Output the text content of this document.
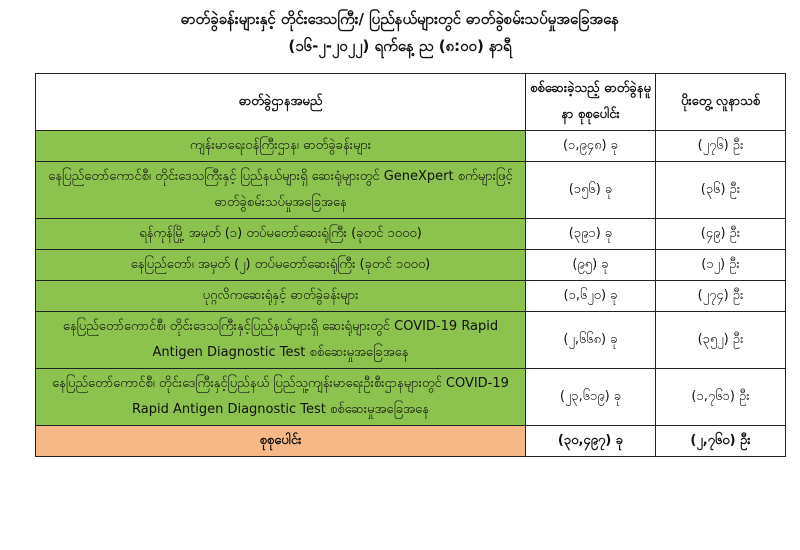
ဓာတ်ခွဲခန်းများနှင့် တိုင်းဒေသကြီး/ ပြည်နယ်များတွင် ဓာတ်ခွဲစမ်းသပ်မှုအခြေအနေ
(၁၆-၂-၂၀၂၂) ရက်နေ့ ည (၈:၀၀) နာရီ
ဓာတ်ခွဲဌာနအမည်	စစ်ဆေးခဲ့သည့် ဓာတ်ခွဲနမူနာ စုစုပေါင်း	ပိုးတွေ့ လူနာသစ်
ကျန်းမာရေးဝန်ကြီးဌာန၊ ဓာတ်ခွဲခန်းများ	(၁,၉၄၈) ခု	(၂၇၆) ဦး
နေပြည်တော်ကောင်စီ၊ တိုင်းဒေသကြီးနှင့် ပြည်နယ်များရှိ ဆေးရုံများတွင် GeneXpert စက်များဖြင့် ဓာတ်ခွဲစမ်းသပ်မှုအခြေအနေ	(၁၅၆) ခု	(၃၆) ဦး
ရန်ကုန်မြို့ အမှတ် (၁) တပ်မတော်ဆေးရုံကြီး (ခုတင် ၁၀၀၀)	(၃၉၁) ခု	(၄၉) ဦး
နေပြည်တော်၊ အမှတ် (၂) တပ်မတော်ဆေးရုံကြီး (ခုတင် ၁၀၀၀)	(၉၅) ခု	(၁၂) ဦး
ပုဂ္ဂလိကဆေးရုံနှင့် ဓာတ်ခွဲခန်းများ	(၁,၆၂၀) ခု	(၂၇၄) ဦး
နေပြည်တော်ကောင်စီ၊ တိုင်းဒေသကြီးနှင့်ပြည်နယ်များရှိ ဆေးရုံများတွင် COVID-19 Rapid Antigen Diagnostic Test စစ်ဆေးမှုအခြေအနေ	(၂,၆၆၈) ခု	(၃၅၂) ဦး
နေပြည်တော်ကောင်စီ၊ တိုင်းဒေကြီးနှင့်ပြည်နယ် ပြည်သူ့ကျန်းမာရေးဦးစီးဌာနများတွင် COVID-19 Rapid Antigen Diagnostic Test စစ်ဆေးမှုအခြေအနေ	(၂၃,၆၁၉) ခု	(၁,၇၆၁) ဦး
စုစုပေါင်း	(၃၀,၄၉၇) ခု	(၂,၇၆၀) ဦး
